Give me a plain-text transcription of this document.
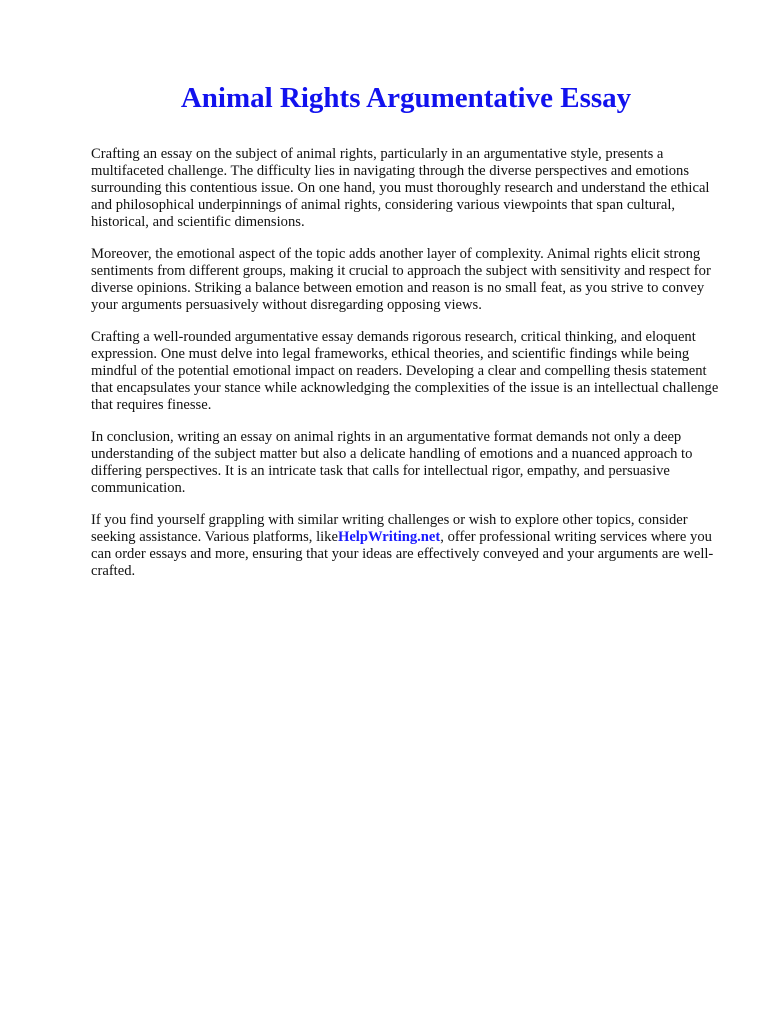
Animal Rights Argumentative Essay

Crafting an essay on the subject of animal rights, particularly in an argumentative style, presents a multifaceted challenge. The difficulty lies in navigating through the diverse perspectives and emotions surrounding this contentious issue. On one hand, you must thoroughly research and understand the ethical and philosophical underpinnings of animal rights, considering various viewpoints that span cultural, historical, and scientific dimensions.

Moreover, the emotional aspect of the topic adds another layer of complexity. Animal rights elicit strong sentiments from different groups, making it crucial to approach the subject with sensitivity and respect for diverse opinions. Striking a balance between emotion and reason is no small feat, as you strive to convey your arguments persuasively without disregarding opposing views.

Crafting a well-rounded argumentative essay demands rigorous research, critical thinking, and eloquent expression. One must delve into legal frameworks, ethical theories, and scientific findings while being mindful of the potential emotional impact on readers. Developing a clear and compelling thesis statement that encapsulates your stance while acknowledging the complexities of the issue is an intellectual challenge that requires finesse.

In conclusion, writing an essay on animal rights in an argumentative format demands not only a deep understanding of the subject matter but also a delicate handling of emotions and a nuanced approach to differing perspectives. It is an intricate task that calls for intellectual rigor, empathy, and persuasive communication.

If you find yourself grappling with similar writing challenges or wish to explore other topics, consider seeking assistance. Various platforms, likeHelpWriting.net, offer professional writing services where you can order essays and more, ensuring that your ideas are effectively conveyed and your arguments are well-crafted.
